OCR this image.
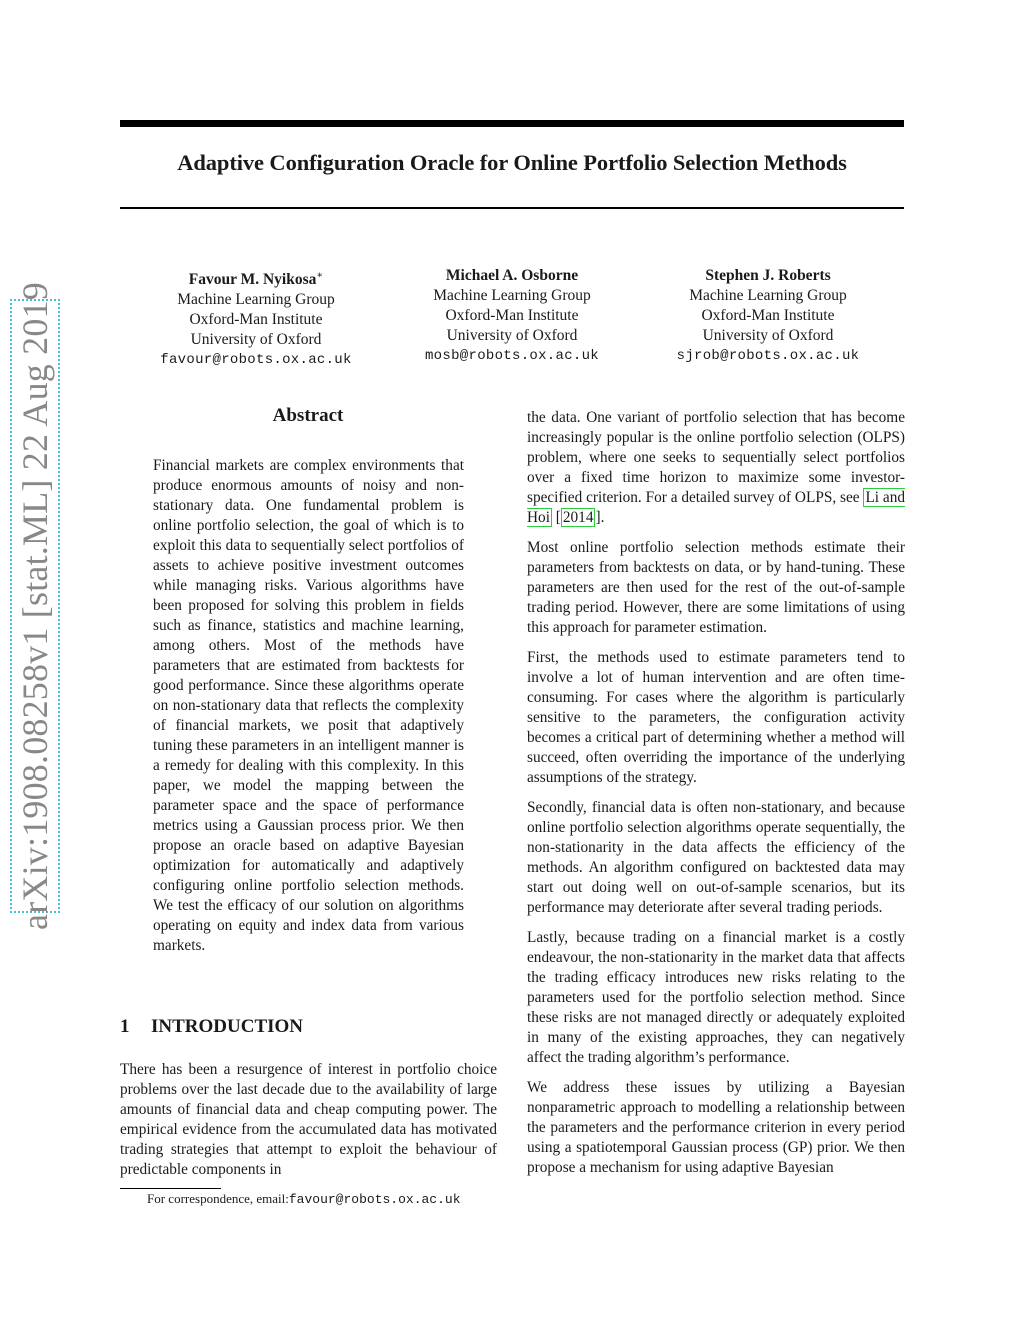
Adaptive Configuration Oracle for Online Portfolio Selection Methods
Favour M. Nyikosa∗
Machine Learning Group
Oxford-Man Institute
University of Oxford
favour@robots.ox.ac.uk
Michael A. Osborne
Machine Learning Group
Oxford-Man Institute
University of Oxford
mosb@robots.ox.ac.uk
Stephen J. Roberts
Machine Learning Group
Oxford-Man Institute
University of Oxford
sjrob@robots.ox.ac.uk
arXiv:1908.08258v1 [stat.ML] 22 Aug 2019	Abstract
Financial markets are complex environments that produce enormous amounts of noisy and non-stationary data. One fundamental problem is online portfolio selection, the goal of which is to exploit this data to sequentially select portfolios of assets to achieve positive investment outcomes while managing risks. Various algorithms have been proposed for solving this problem in fields such as finance, statistics and machine learning, among others. Most of the methods have parameters that are estimated from backtests for good performance. Since these algorithms operate on non-stationary data that reflects the complexity of financial markets, we posit that adaptively tuning these parameters in an intelligent manner is a remedy for dealing with this complexity. In this paper, we model the mapping between the parameter space and the space of performance metrics using a Gaussian process prior. We then propose an oracle based on adaptive Bayesian optimization for automatically and adaptively configuring online portfolio selection methods. We test the efficacy of our solution on algorithms operating on equity and index data from various markets.
1 INTRODUCTION
There has been a resurgence of interest in portfolio choice problems over the last decade due to the availability of large amounts of financial data and cheap computing power. The empirical evidence from the accumulated data has motivated trading strategies that attempt to exploit the behaviour of predictable components in
For correspondence, email:favour@robots.ox.ac.uk

the data. One variant of portfolio selection that has become increasingly popular is the online portfolio selection (OLPS) problem, where one seeks to sequentially select portfolios over a fixed time horizon to maximize some investor-specified criterion. For a detailed survey of OLPS, see Li and Hoi [ 2014 ].

Most online portfolio selection methods estimate their parameters from backtests on data, or by hand-tuning. These parameters are then used for the rest of the out-of-sample trading period. However, there are some limitations of using this approach for parameter estimation.

First, the methods used to estimate parameters tend to involve a lot of human intervention and are often time-consuming. For cases where the algorithm is particularly sensitive to the parameters, the configuration activity becomes a critical part of determining whether a method will succeed, often overriding the importance of the underlying assumptions of the strategy.

Secondly, financial data is often non-stationary, and because online portfolio selection algorithms operate sequentially, the non-stationarity in the data affects the efficiency of the methods. An algorithm configured on backtested data may start out doing well on out-of-sample scenarios, but its performance may deteriorate after several trading periods.

Lastly, because trading on a financial market is a costly endeavour, the non-stationarity in the market data that affects the trading efficacy introduces new risks relating to the parameters used for the portfolio selection method. Since these risks are not managed directly or adequately exploited in many of the existing approaches, they can negatively affect the trading algorithm’s performance.

We address these issues by utilizing a Bayesian nonparametric approach to modelling a relationship between the parameters and the performance criterion in every period using a spatiotemporal Gaussian process (GP) prior. We then propose a mechanism for using adaptive Bayesian
